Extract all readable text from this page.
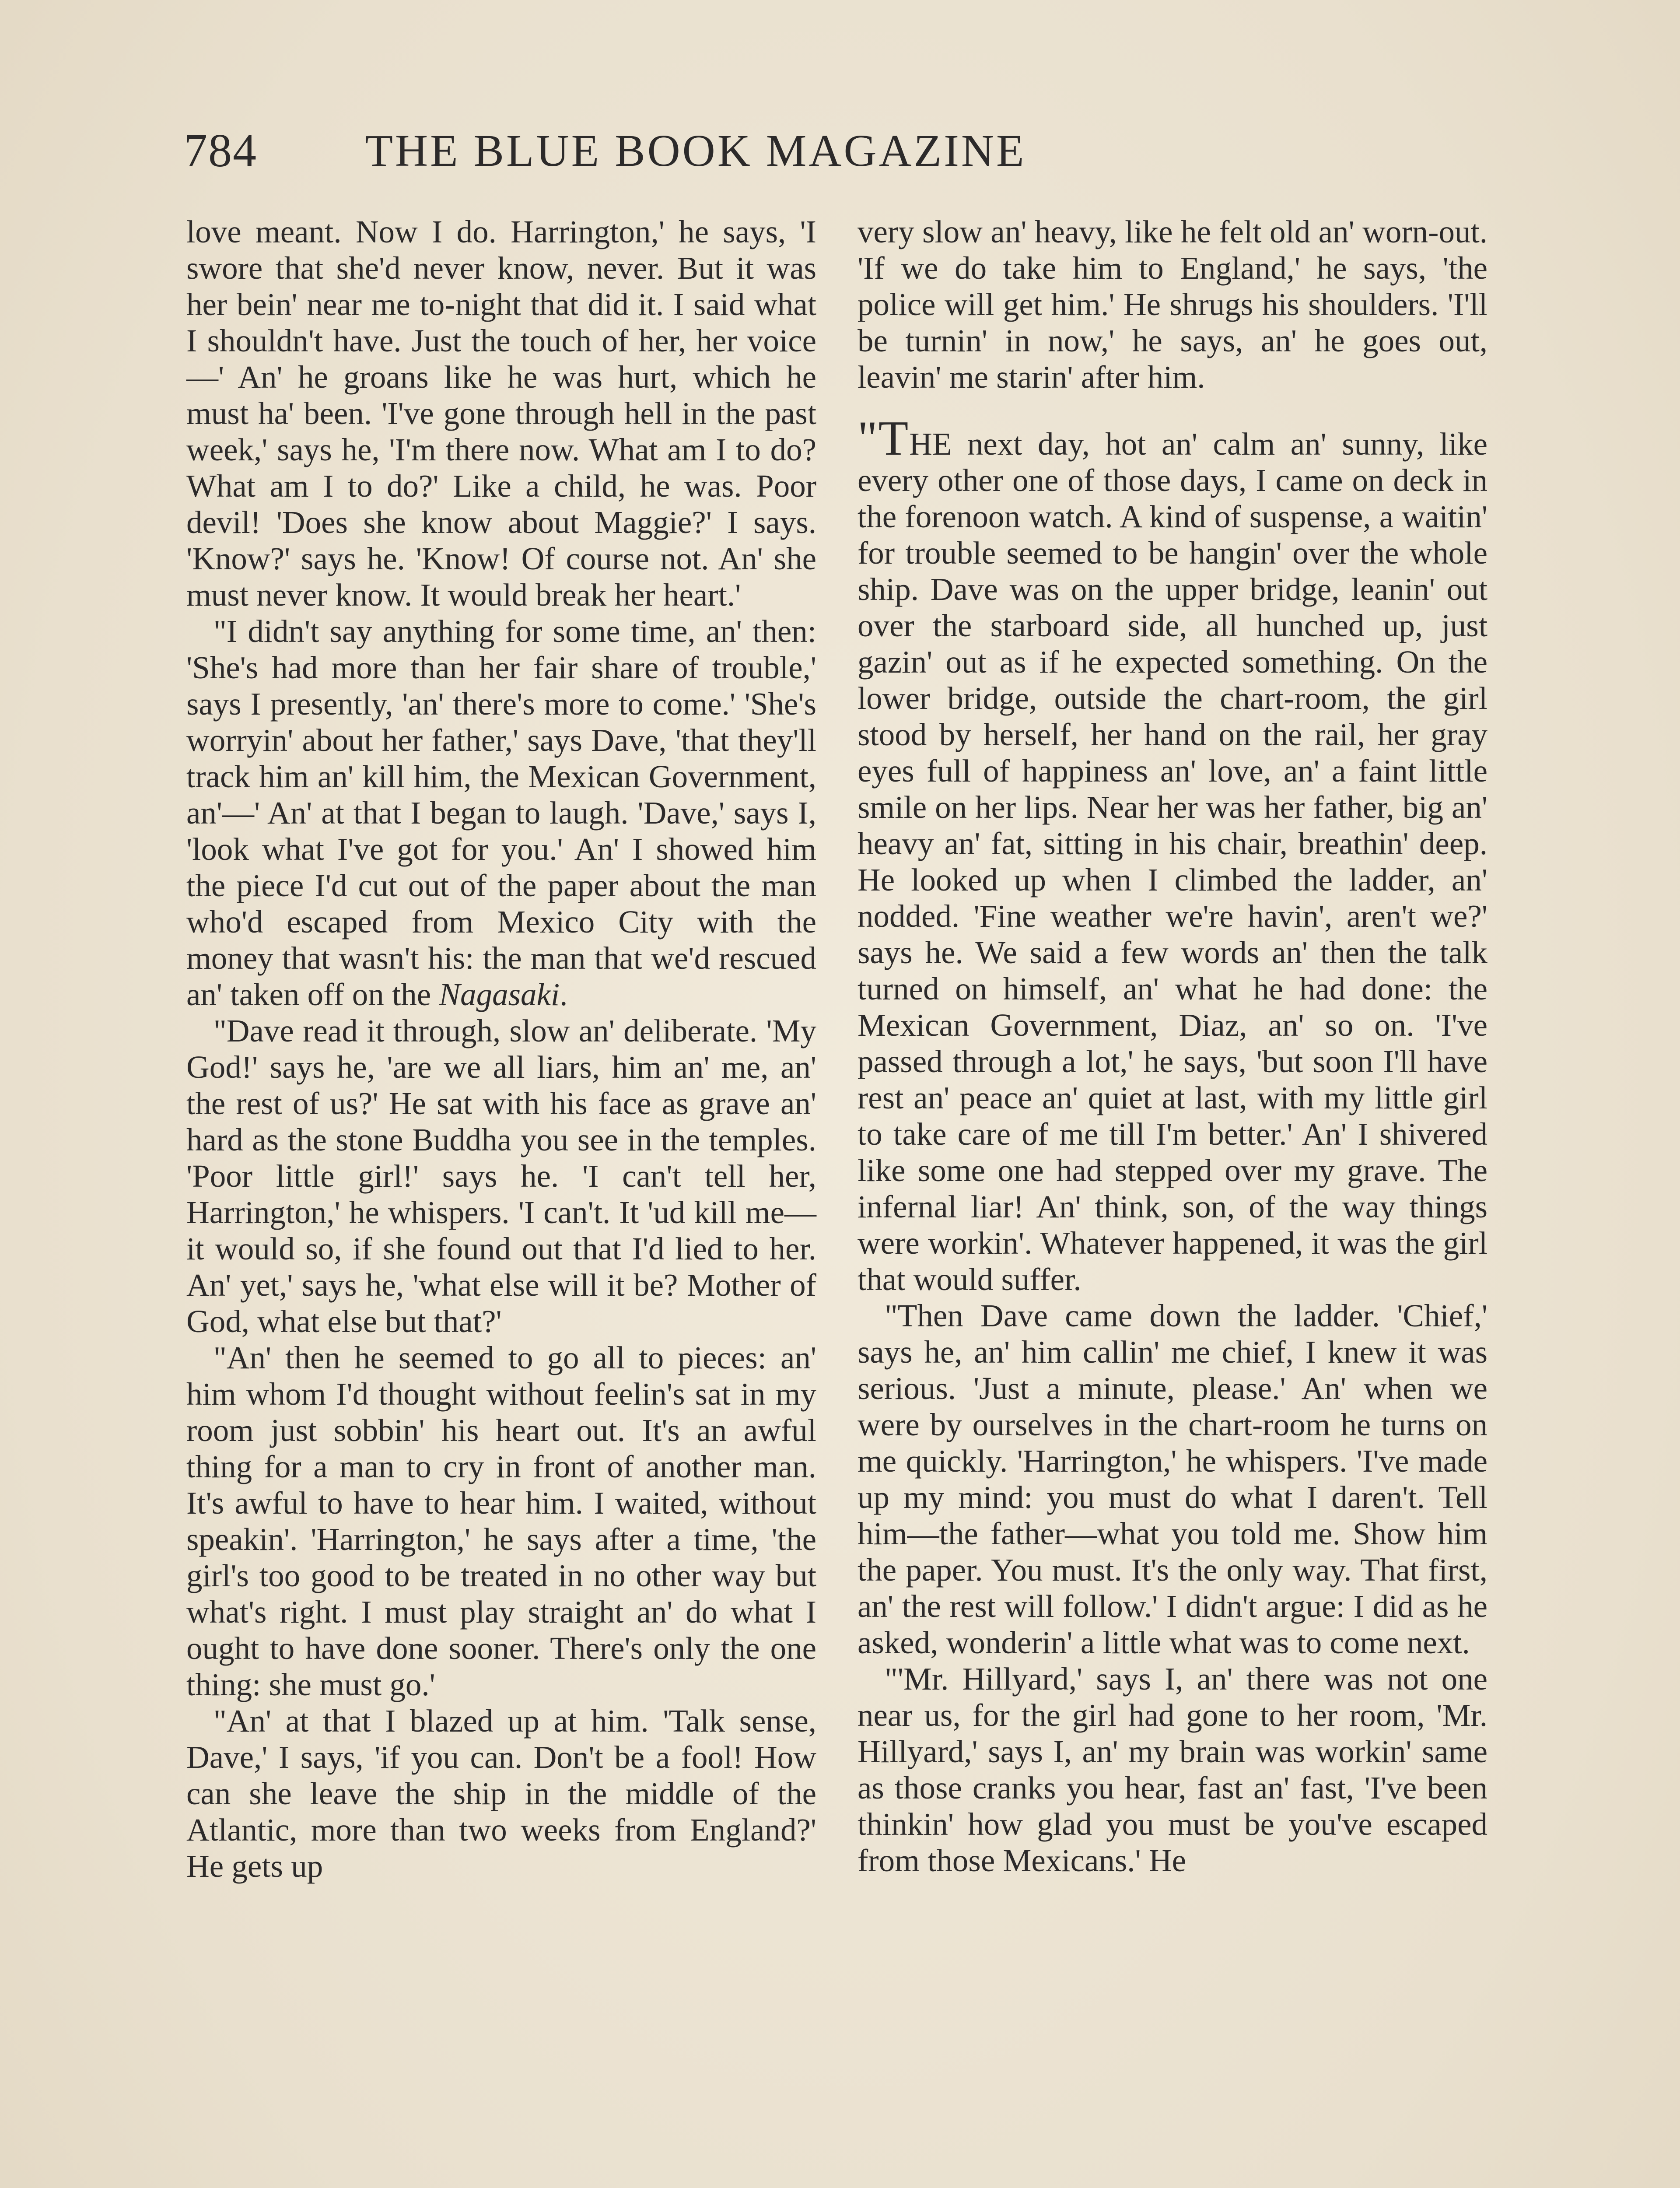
784	THE BLUE BOOK MAGAZINE

love meant. Now I do. Harrington,' he says, 'I swore that she'd never know, never. But it was her bein' near me to-night that did it. I said what I shouldn't have. Just the touch of her, her voice—' An' he groans like he was hurt, which he must ha' been. 'I've gone through hell in the past week,' says he, 'I'm there now. What am I to do? What am I to do?' Like a child, he was. Poor devil! 'Does she know about Maggie?' I says. 'Know?' says he. 'Know! Of course not. An' she must never know. It would break her heart.'

"I didn't say anything for some time, an' then: 'She's had more than her fair share of trouble,' says I presently, 'an' there's more to come.' 'She's worryin' about her father,' says Dave, 'that they'll track him an' kill him, the Mexican Government, an'—' An' at that I began to laugh. 'Dave,' says I, 'look what I've got for you.' An' I showed him the piece I'd cut out of the paper about the man who'd escaped from Mexico City with the money that wasn't his: the man that we'd rescued an' taken off on the Nagasaki.

"Dave read it through, slow an' deliberate. 'My God!' says he, 'are we all liars, him an' me, an' the rest of us?' He sat with his face as grave an' hard as the stone Buddha you see in the temples. 'Poor little girl!' says he. 'I can't tell her, Harrington,' he whispers. 'I can't. It 'ud kill me—it would so, if she found out that I'd lied to her. An' yet,' says he, 'what else will it be? Mother of God, what else but that?'

"An' then he seemed to go all to pieces: an' him whom I'd thought without feelin's sat in my room just sobbin' his heart out. It's an awful thing for a man to cry in front of another man. It's awful to have to hear him. I waited, without speakin'. 'Harrington,' he says after a time, 'the girl's too good to be treated in no other way but what's right. I must play straight an' do what I ought to have done sooner. There's only the one thing: she must go.'

"An' at that I blazed up at him. 'Talk sense, Dave,' I says, 'if you can. Don't be a fool! How can she leave the ship in the middle of the Atlantic, more than two weeks from England?' He gets up

very slow an' heavy, like he felt old an' worn-out. 'If we do take him to England,' he says, 'the police will get him.' He shrugs his shoulders. 'I'll be turnin' in now,' he says, an' he goes out, leavin' me starin' after him.

"THE next day, hot an' calm an' sunny, like every other one of those days, I came on deck in the forenoon watch. A kind of suspense, a waitin' for trouble seemed to be hangin' over the whole ship. Dave was on the upper bridge, leanin' out over the starboard side, all hunched up, just gazin' out as if he expected something. On the lower bridge, outside the chart-room, the girl stood by herself, her hand on the rail, her gray eyes full of happiness an' love, an' a faint little smile on her lips. Near her was her father, big an' heavy an' fat, sitting in his chair, breathin' deep. He looked up when I climbed the ladder, an' nodded. 'Fine weather we're havin', aren't we?' says he. We said a few words an' then the talk turned on himself, an' what he had done: the Mexican Government, Diaz, an' so on. 'I've passed through a lot,' he says, 'but soon I'll have rest an' peace an' quiet at last, with my little girl to take care of me till I'm better.' An' I shivered like some one had stepped over my grave. The infernal liar! An' think, son, of the way things were workin'. Whatever happened, it was the girl that would suffer.

"Then Dave came down the ladder. 'Chief,' says he, an' him callin' me chief, I knew it was serious. 'Just a minute, please.' An' when we were by ourselves in the chart-room he turns on me quickly. 'Harrington,' he whispers. 'I've made up my mind: you must do what I daren't. Tell him—the father—what you told me. Show him the paper. You must. It's the only way. That first, an' the rest will follow.' I didn't argue: I did as he asked, wonderin' a little what was to come next.

"'Mr. Hillyard,' says I, an' there was not one near us, for the girl had gone to her room, 'Mr. Hillyard,' says I, an' my brain was workin' same as those cranks you hear, fast an' fast, 'I've been thinkin' how glad you must be you've escaped from those Mexicans.' He
